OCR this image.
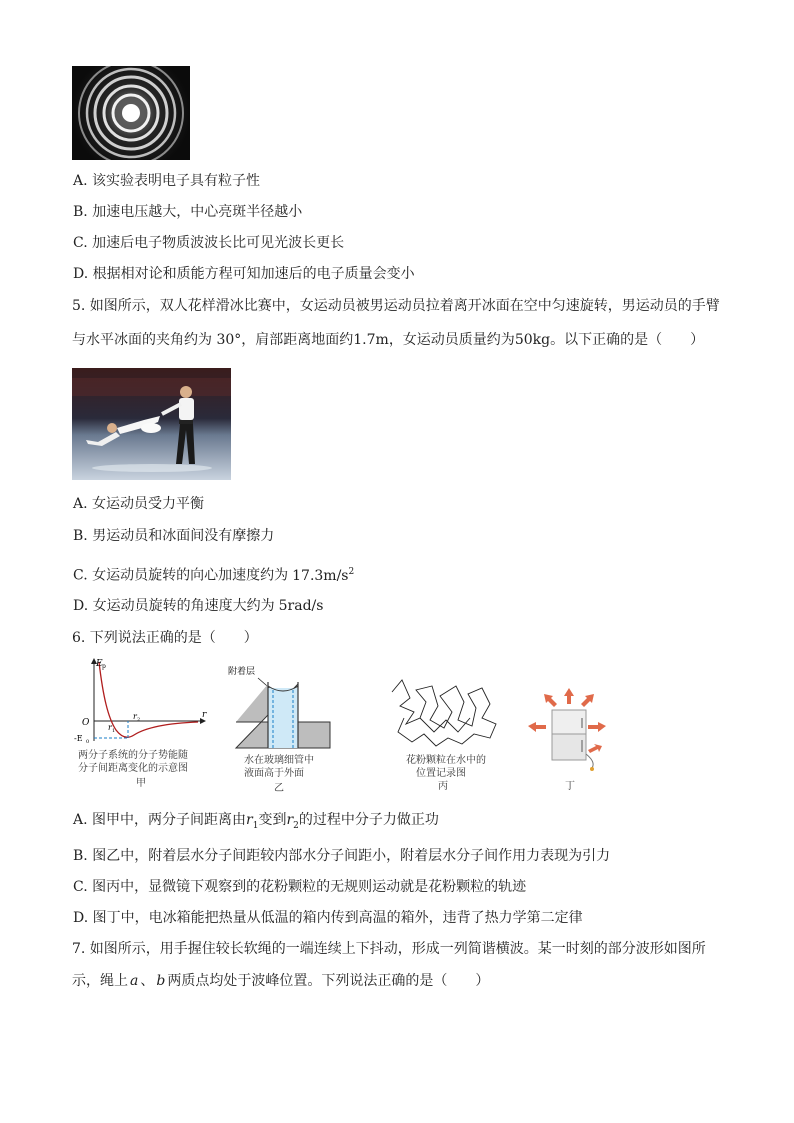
A. 该实验表明电子具有粒子性
B. 加速电压越大，中心亮斑半径越小
C. 加速后电子物质波波长比可见光波长更长
D. 根据相对论和质能方程可知加速后的电子质量会变小
5. 如图所示，双人花样滑冰比赛中，女运动员被男运动员拉着离开冰面在空中匀速旋转，男运动员的手臂
与水平冰面的夹角约为 30°，肩部距离地面约1.7m，女运动员质量约为50kg。以下正确的是（　　）
A. 女运动员受力平衡
B. 男运动员和冰面间没有摩擦力
C. 女运动员旋转的向心加速度约为 $17.3m/s^2$
D. 女运动员旋转的角速度大约为 5rad/s
6. 下列说法正确的是（　　）
E p
r
O r 1
r 2
-E 0
两分子系统的分子势能随
分子间距离变化的示意图
甲
附着层
水在玻璃细管中
液面高于外面
乙
花粉颗粒在水中的
位置记录图
丙	丁
A. 图甲中，两分子间距离由$r_1$变到$r_2$的过程中分子力做正功
B. 图乙中，附着层水分子间距较内部水分子间距小，附着层水分子间作用力表现为引力
C. 图丙中，显微镜下观察到的花粉颗粒的无规则运动就是花粉颗粒的轨迹
D. 图丁中，电冰箱能把热量从低温的箱内传到高温的箱外，违背了热力学第二定律
7. 如图所示，用手握住较长软绳的一端连续上下抖动，形成一列简谐横波。某一时刻的部分波形如图所
示，绳上 a 、 b 两质点均处于波峰位置。下列说法正确的是（　　）
